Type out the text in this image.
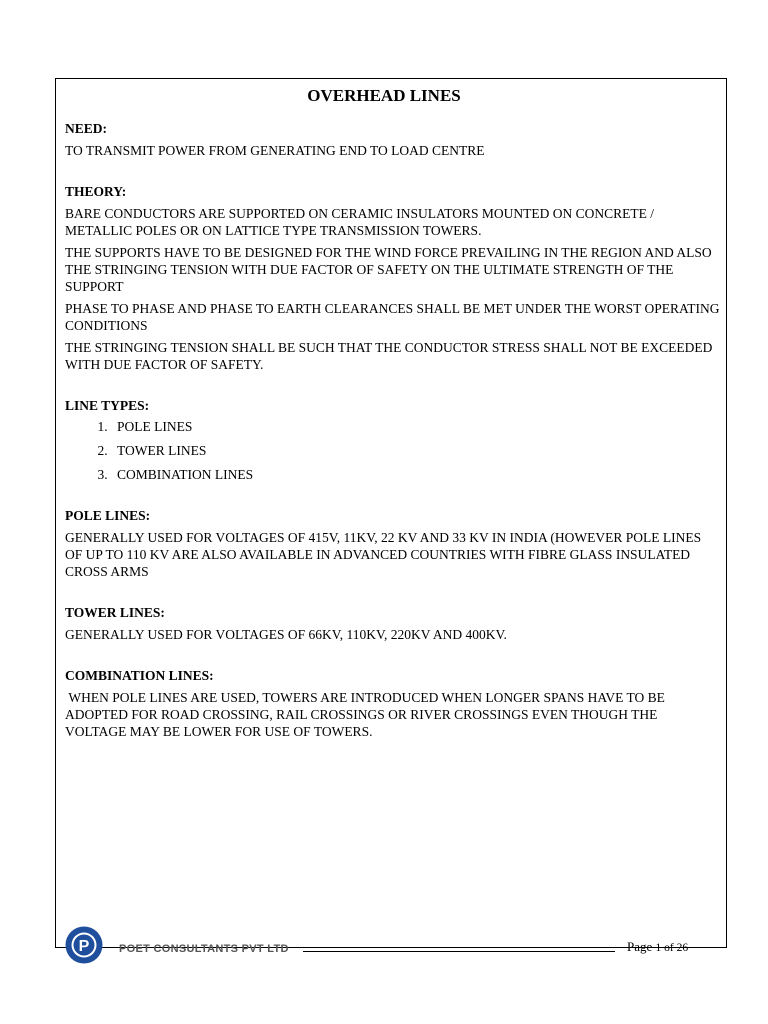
OVERHEAD LINES

NEED:

TO TRANSMIT POWER FROM GENERATING END TO LOAD CENTRE

THEORY:

BARE CONDUCTORS ARE SUPPORTED ON CERAMIC INSULATORS MOUNTED ON CONCRETE / METALLIC POLES OR ON LATTICE TYPE TRANSMISSION TOWERS.

THE SUPPORTS HAVE TO BE DESIGNED FOR THE WIND FORCE PREVAILING IN THE REGION AND ALSO THE STRINGING TENSION WITH DUE FACTOR OF SAFETY ON THE ULTIMATE STRENGTH OF THE SUPPORT

PHASE TO PHASE AND PHASE TO EARTH CLEARANCES SHALL BE MET UNDER THE WORST OPERATING CONDITIONS

THE STRINGING TENSION SHALL BE SUCH THAT THE CONDUCTOR STRESS SHALL NOT BE EXCEEDED WITH DUE FACTOR OF SAFETY.

LINE TYPES:

1. POLE LINES
2. TOWER LINES
3. COMBINATION LINES

POLE LINES:

GENERALLY USED FOR VOLTAGES OF 415V, 11KV, 22 KV AND 33 KV IN INDIA (HOWEVER POLE LINES OF UP TO 110 KV ARE ALSO AVAILABLE IN ADVANCED COUNTRIES WITH FIBRE GLASS INSULATED CROSS ARMS

TOWER LINES:

GENERALLY USED FOR VOLTAGES OF 66KV, 110KV, 220KV AND 400KV.

COMBINATION LINES:

WHEN POLE LINES ARE USED, TOWERS ARE INTRODUCED WHEN LONGER SPANS HAVE TO BE ADOPTED FOR ROAD CROSSING, RAIL CROSSINGS OR RIVER CROSSINGS EVEN THOUGH THE VOLTAGE MAY BE LOWER FOR USE OF TOWERS.

P	POET CONSULTANTS PVT LTD	Page 1 of 26
